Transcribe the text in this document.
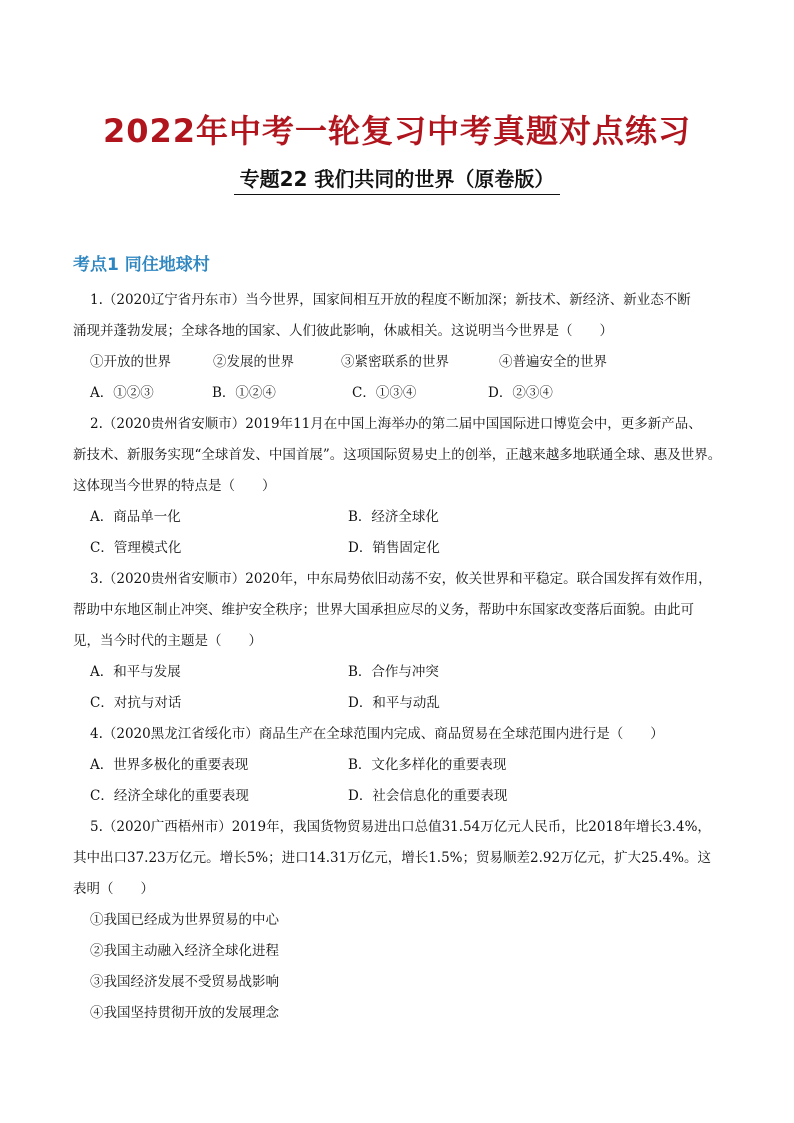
2022年中考一轮复习中考真题对点练习
专题22 我们共同的世界（原卷版）
考点1 同住地球村
1.（2020辽宁省丹东市）当今世界，国家间相互开放的程度不断加深；新技术、新经济、新业态不断
涌现并蓬勃发展；全球各地的国家、人们彼此影响，休戚相关。这说明当今世界是（　　）
①开放的世界	②发展的世界	③紧密联系的世界	④普遍安全的世界
A．①②③	B．①②④	C．①③④	D．②③④
2.（2020贵州省安顺市）2019年11月在中国上海举办的第二届中国国际进口博览会中，更多新产品、
新技术、新服务实现“全球首发、中国首展”。这项国际贸易史上的创举，正越来越多地联通全球、惠及世界。
这体现当今世界的特点是（　　）
A．商品单一化	B．经济全球化
C．管理模式化	D．销售固定化
3.（2020贵州省安顺市）2020年，中东局势依旧动荡不安，攸关世界和平稳定。联合国发挥有效作用，
帮助中东地区制止冲突、维护安全秩序；世界大国承担应尽的义务，帮助中东国家改变落后面貌。由此可
见，当今时代的主题是（　　）
A．和平与发展	B．合作与冲突
C．对抗与对话	D．和平与动乱
4.（2020黑龙江省绥化市）商品生产在全球范围内完成、商品贸易在全球范围内进行是（　　）
A．世界多极化的重要表现	B．文化多样化的重要表现
C．经济全球化的重要表现	D．社会信息化的重要表现
5.（2020广西梧州市）2019年，我国货物贸易进出口总值31.54万亿元人民币，比2018年增长3.4%，
其中出口37.23万亿元。增长5%；进口14.31万亿元，增长1.5%；贸易顺差2.92万亿元，扩大25.4%。这
表明（　　）
①我国已经成为世界贸易的中心
②我国主动融入经济全球化进程
③我国经济发展不受贸易战影响
④我国坚持贯彻开放的发展理念
